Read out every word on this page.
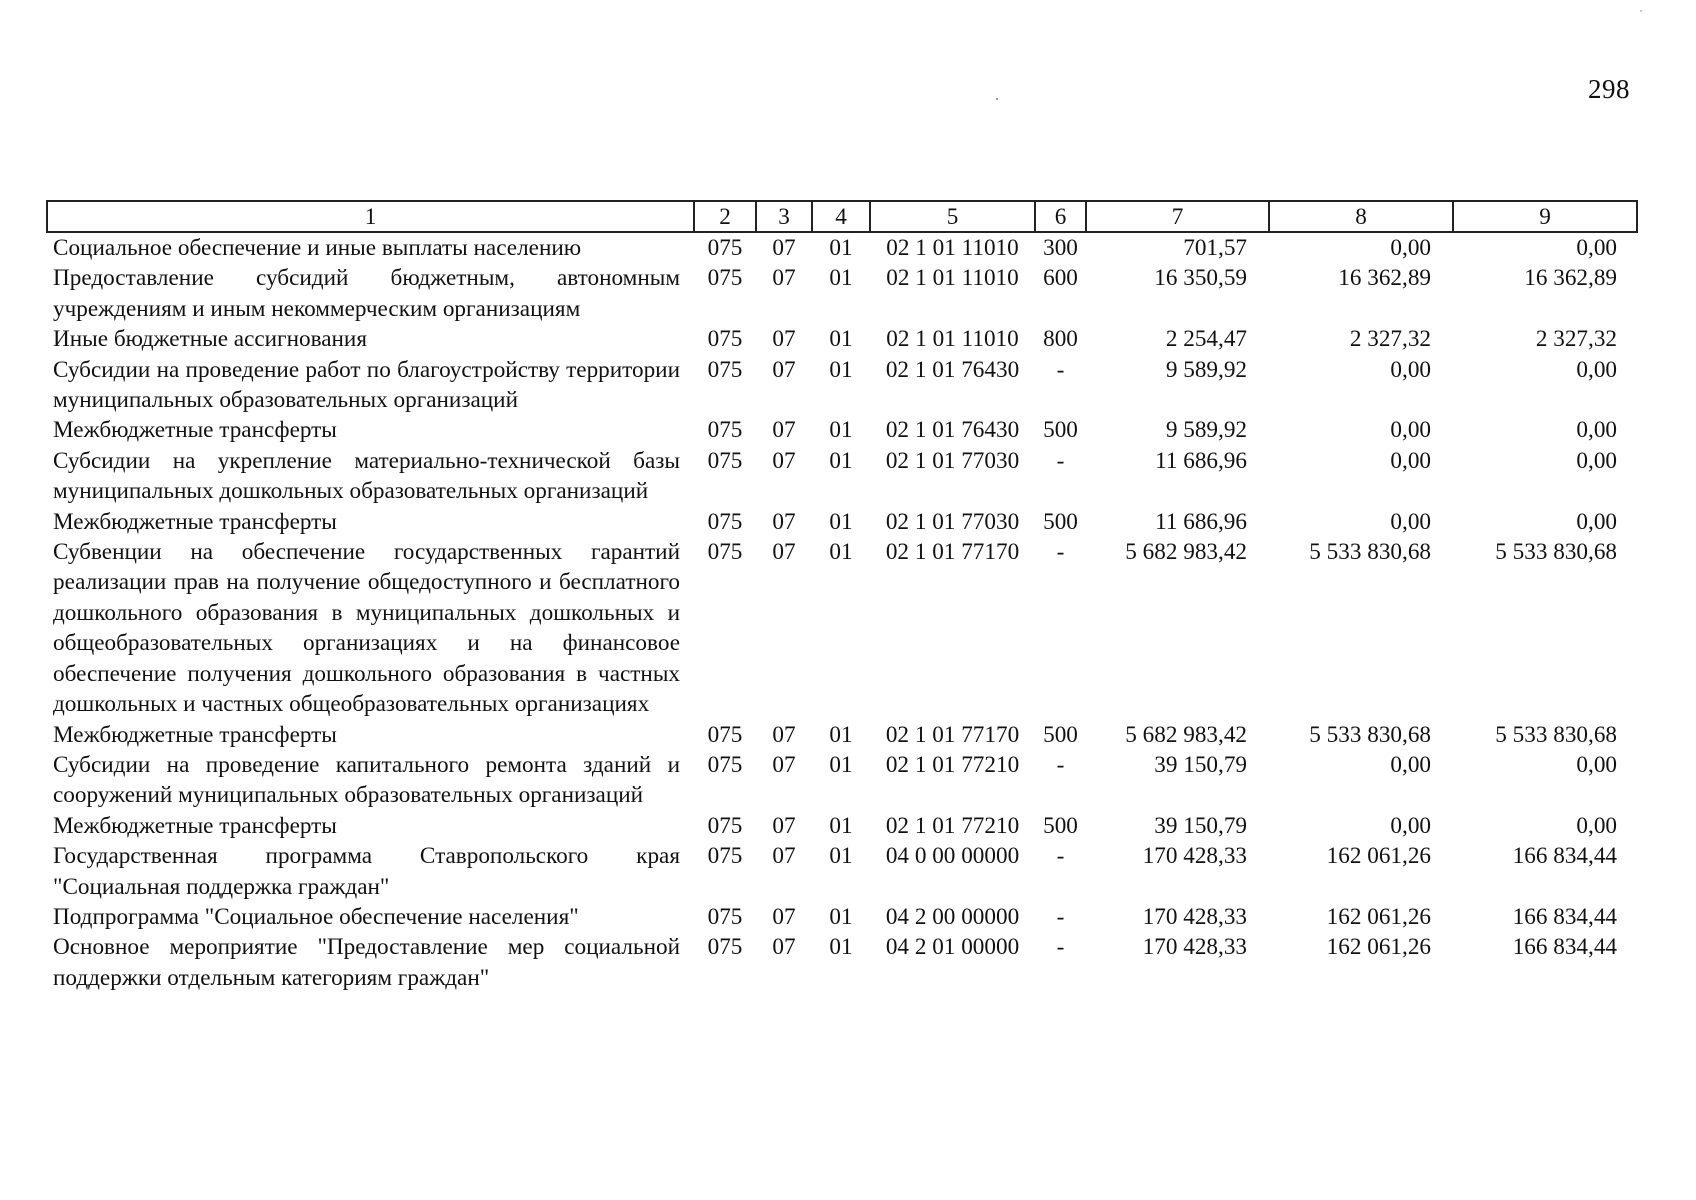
298
1	2	3	4	5	6	7	8	9
Социальное обеспечение и иные выплаты населению	075	07	01	02 1 01 11010	300	701,57	0,00	0,00
Предоставление субсидий бюджетным, автономным учреждениям и иным некоммерческим организациям	075	07	01	02 1 01 11010	600	16 350,59	16 362,89	16 362,89
Иные бюджетные ассигнования	075	07	01	02 1 01 11010	800	2 254,47	2 327,32	2 327,32
Субсидии на проведение работ по благоустройству территории муниципальных образовательных организаций	075	07	01	02 1 01 76430	-	9 589,92	0,00	0,00
Межбюджетные трансферты	075	07	01	02 1 01 76430	500	9 589,92	0,00	0,00
Субсидии на укрепление материально-технической базы муниципальных дошкольных образовательных организаций	075	07	01	02 1 01 77030	-	11 686,96	0,00	0,00
Межбюджетные трансферты	075	07	01	02 1 01 77030	500	11 686,96	0,00	0,00
Субвенции на обеспечение государственных гарантий реализации прав на получение общедоступного и бесплатного дошкольного образования в муниципальных дошкольных и общеобразовательных организациях и на финансовое обеспечение получения дошкольного образования в частных дошкольных и частных общеобразовательных организациях	075	07	01	02 1 01 77170	-	5 682 983,42	5 533 830,68	5 533 830,68
Межбюджетные трансферты	075	07	01	02 1 01 77170	500	5 682 983,42	5 533 830,68	5 533 830,68
Субсидии на проведение капитального ремонта зданий и сооружений муниципальных образовательных организаций	075	07	01	02 1 01 77210	-	39 150,79	0,00	0,00
Межбюджетные трансферты	075	07	01	02 1 01 77210	500	39 150,79	0,00	0,00
Государственная программа Ставропольского края "Социальная поддержка граждан"	075	07	01	04 0 00 00000	-	170 428,33	162 061,26	166 834,44
Подпрограмма "Социальное обеспечение населения"	075	07	01	04 2 00 00000	-	170 428,33	162 061,26	166 834,44
Основное мероприятие "Предоставление мер социальной поддержки отдельным категориям граждан"	075	07	01	04 2 01 00000	-	170 428,33	162 061,26	166 834,44
